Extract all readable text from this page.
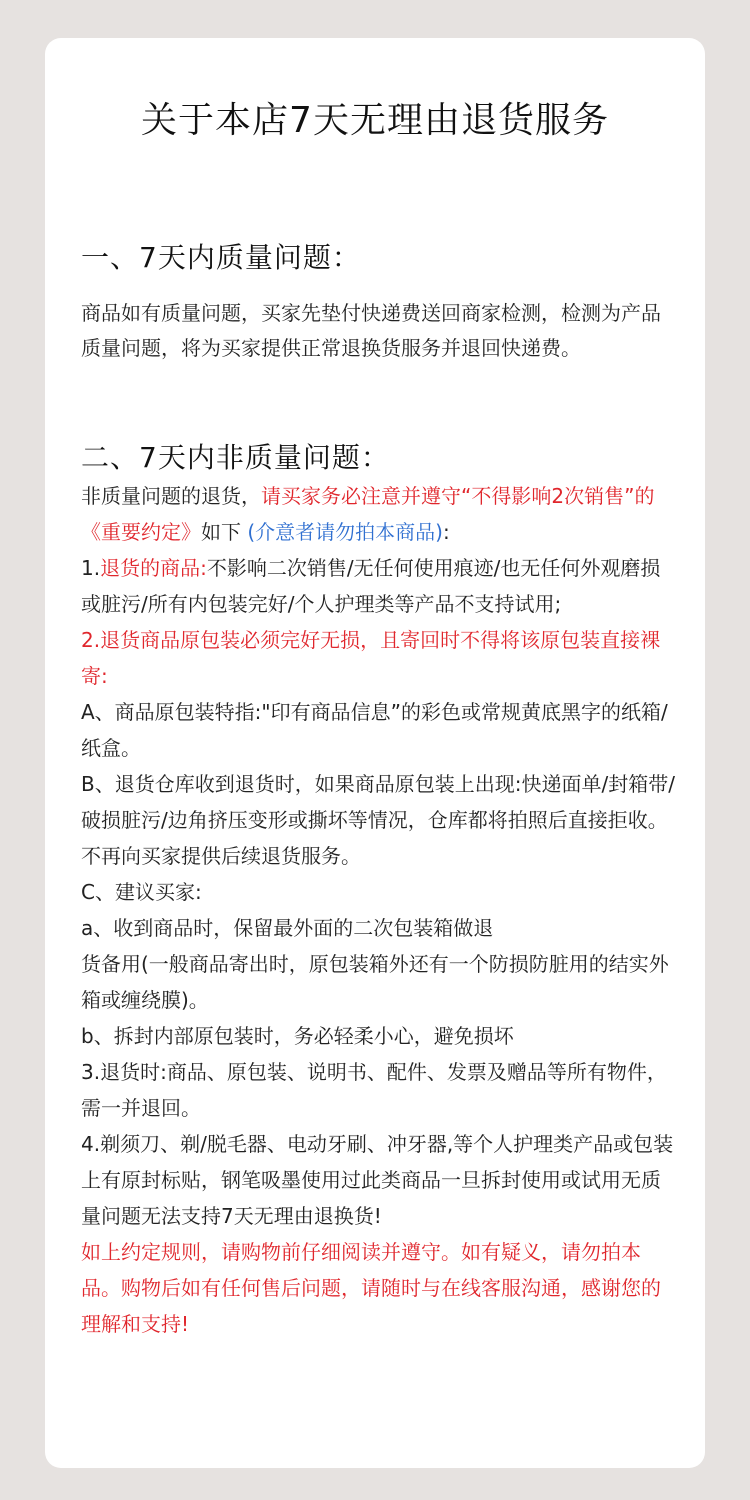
关于本店7天无理由退货服务
一、7天内质量问题：
商品如有质量问题，买家先垫付快递费送回商家检测，检测为产品质量问题，将为买家提供正常退换货服务并退回快递费。
二、7天内非质量问题：

非质量问题的退货，请买家务必注意并遵守“不得影响2次销售”的《重要约定》如下 (介意者请勿拍本商品):

1.退货的商品:不影响二次销售/无任何使用痕迹/也无任何外观磨损或脏污/所有内包装完好/个人护理类等产品不支持试用;

2.退货商品原包装必须完好无损，且寄回时不得将该原包装直接裸寄:

A、商品原包装特指:"印有商品信息”的彩色或常规黄底黑字的纸箱/纸盒。

B、退货仓库收到退货时，如果商品原包装上出现:快递面单/封箱带/破损脏污/边角挤压变形或撕坏等情况，仓库都将拍照后直接拒收。不再向买家提供后续退货服务。

C、建议买家:

a、收到商品时，保留最外面的二次包装箱做退

货备用(一般商品寄出时，原包装箱外还有一个防损防脏用的结实外箱或缠绕膜)。

b、拆封内部原包装时，务必轻柔小心，避免损坏

3.退货时:商品、原包装、说明书、配件、发票及赠品等所有物件，需一并退回。

4.剃须刀、剃/脱毛器、电动牙刷、冲牙器,等个人护理类产品或包装上有原封标贴，钢笔吸墨使用过此类商品一旦拆封使用或试用无质量问题无法支持7天无理由退换货!

如上约定规则，请购物前仔细阅读并遵守。如有疑义，请勿拍本品。购物后如有任何售后问题，请随时与在线客服沟通，感谢您的理解和支持!
